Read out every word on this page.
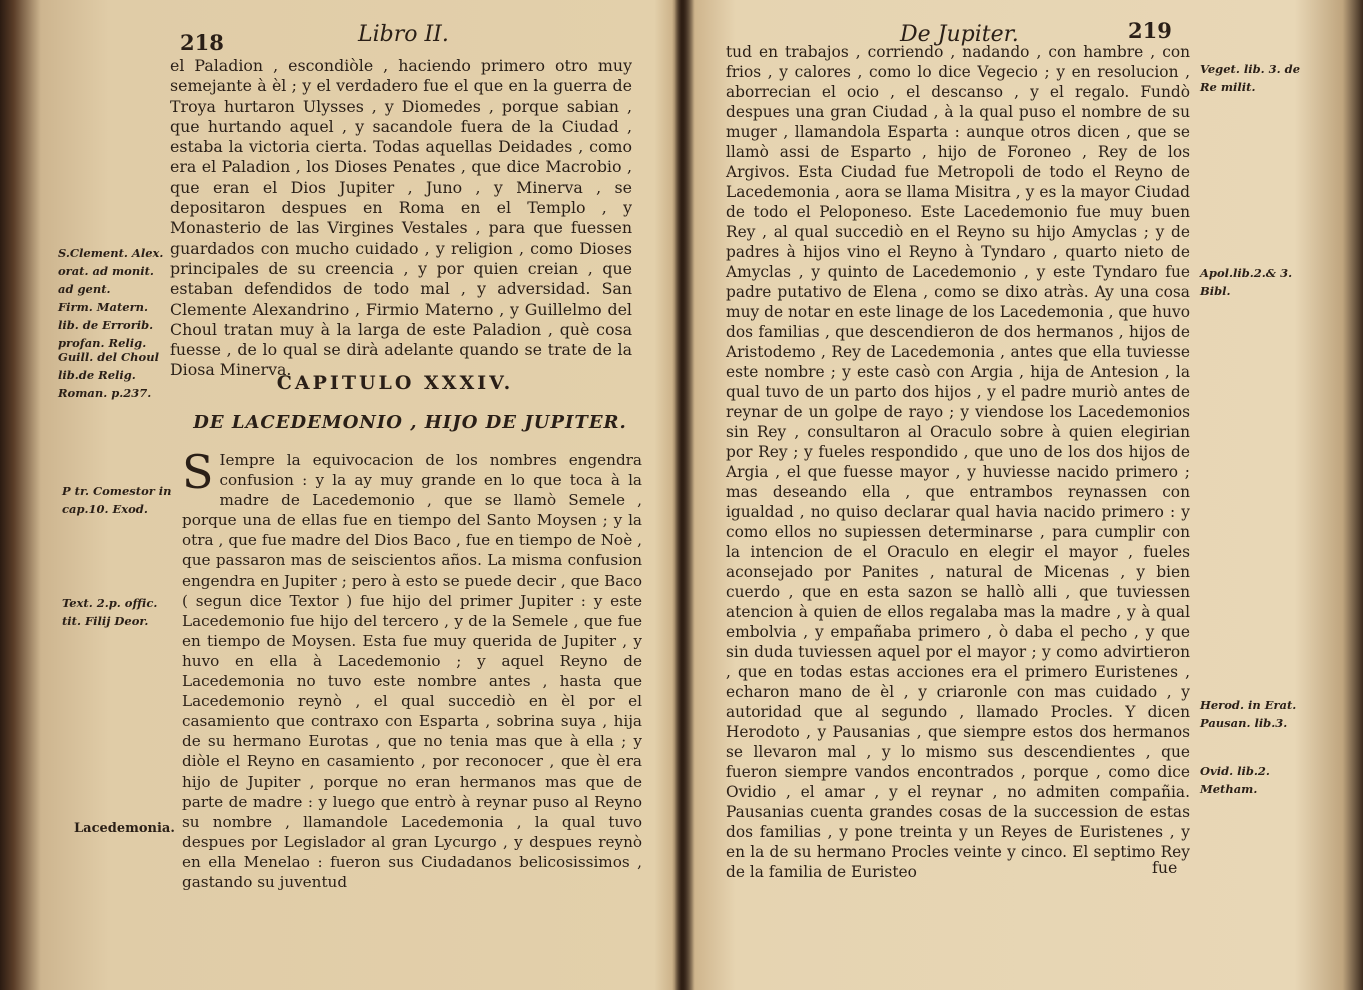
218	Libro II.

el Paladion , escondiòle , haciendo primero otro muy semejante à èl ; y el verdadero fue el que en la guerra de Troya hurtaron Ulysses , y Diomedes , porque sabian , que hurtando aquel , y sacandole fuera de la Ciudad , estaba la victoria cierta. Todas aquellas Deidades , como era el Paladion , los Dioses Penates , que dice Macrobio , que eran el Dios Jupiter , Juno , y Minerva , se depositaron despues en Roma en el Templo , y Monasterio de las Virgines Vestales , para que fuessen guardados con mucho cuidado , y religion , como Dioses principales de su creencia , y por quien creian , que estaban defendidos de todo mal , y adversidad. San Clemente Alexandrino , Firmio Materno , y Guillelmo del Choul tratan muy à la larga de este Paladion , què cosa fuesse , de lo qual se dirà adelante quando se trate de la Diosa Minerva.

CAPITULO XXXIV.
DE LACEDEMONIO , HIJO DE JUPITER.
S Iempre la equivocacion de los nombres engendra confusion : y la ay muy grande en lo que toca à la madre de Lacedemonio , que se llamò Semele , porque una de ellas fue en tiempo del Santo Moysen ; y la otra , que fue madre del Dios Baco , fue en tiempo de Noè , que passaron mas de seiscientos años. La misma confusion engendra en Jupiter ; pero à esto se puede decir , que Baco ( segun dice Textor ) fue hijo del primer Jupiter : y este Lacedemonio fue hijo del tercero , y de la Semele , que fue en tiempo de Moysen. Esta fue muy querida de Jupiter , y huvo en ella à Lacedemonio ; y aquel Reyno de Lacedemonia no tuvo este nombre antes , hasta que Lacedemonio reynò , el qual succediò en èl por el casamiento que contraxo con Esparta , sobrina suya , hija de su hermano Eurotas , que no tenia mas que à ella ; y diòle el Reyno en casamiento , por reconocer , que èl era hijo de Jupiter , porque no eran hermanos mas que de parte de madre : y luego que entrò à reynar puso al Reyno su nombre , llamandole Lacedemonia , la qual tuvo despues por Legislador al gran Lycurgo , y despues reynò en ella Menelao : fueron sus Ciudadanos belicosissimos , gastando su juventud
S.Clement. Alex. orat. ad monit. ad gent.
Firm. Matern. lib. de Errorib. profan. Relig.
Guill. del Choul lib.de Relig. Roman. p.237.
P tr. Comestor in cap.10. Exod.
Text. 2.p. offic. tit. Filij Deor.
Lacedemonia.
De Jupiter.	219

tud en trabajos , corriendo , nadando , con hambre , con frios , y calores , como lo dice Vegecio ; y en resolucion , aborrecian el ocio , el descanso , y el regalo. Fundò despues una gran Ciudad , à la qual puso el nombre de su muger , llamandola Esparta : aunque otros dicen , que se llamò assi de Esparto , hijo de Foroneo , Rey de los Argivos. Esta Ciudad fue Metropoli de todo el Reyno de Lacedemonia , aora se llama Misitra , y es la mayor Ciudad de todo el Peloponeso. Este Lacedemonio fue muy buen Rey , al qual succediò en el Reyno su hijo Amyclas ; y de padres à hijos vino el Reyno à Tyndaro , quarto nieto de Amyclas , y quinto de Lacedemonio , y este Tyndaro fue padre putativo de Elena , como se dixo atràs. Ay una cosa muy de notar en este linage de los Lacedemonia , que huvo dos familias , que descendieron de dos hermanos , hijos de Aristodemo , Rey de Lacedemonia , antes que ella tuviesse este nombre ; y este casò con Argia , hija de Antesion , la qual tuvo de un parto dos hijos , y el padre muriò antes de reynar de un golpe de rayo ; y viendose los Lacedemonios sin Rey , consultaron al Oraculo sobre à quien elegirian por Rey ; y fueles respondido , que uno de los dos hijos de Argia , el que fuesse mayor , y huviesse nacido primero ; mas deseando ella , que entrambos reynassen con igualdad , no quiso declarar qual havia nacido primero : y como ellos no supiessen determinarse , para cumplir con la intencion de el Oraculo en elegir el mayor , fueles aconsejado por Panites , natural de Micenas , y bien cuerdo , que en esta sazon se hallò alli , que tuviessen atencion à quien de ellos regalaba mas la madre , y à qual embolvia , y empañaba primero , ò daba el pecho , y que sin duda tuviessen aquel por el mayor ; y como advirtieron , que en todas estas acciones era el primero Euristenes , echaron mano de èl , y criaronle con mas cuidado , y autoridad que al segundo , llamado Procles. Y dicen Herodoto , y Pausanias , que siempre estos dos hermanos se llevaron mal , y lo mismo sus descendientes , que fueron siempre vandos encontrados , porque , como dice Ovidio , el amar , y el reynar , no admiten compañia. Pausanias cuenta grandes cosas de la succession de estas dos familias , y pone treinta y un Reyes de Euristenes , y en la de su hermano Procles veinte y cinco. El septimo Rey de la familia de Euristeo	fue
Veget. lib. 3. de Re milit.
Apol.lib.2.& 3. Bibl.
Herod. in Erat. Pausan. lib.3.
Ovid. lib.2. Metham.
